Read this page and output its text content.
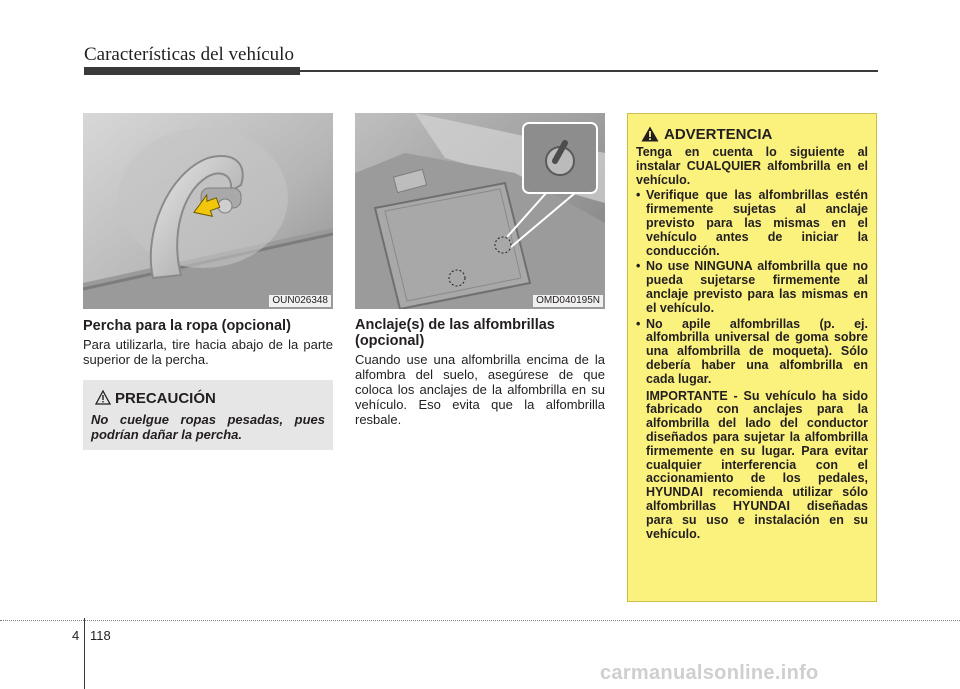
Características del vehículo
OUN026348	OMD040195N
Percha para la ropa (opcional)
Para utilizarla, tire hacia abajo de la parte superior de la percha.
PRECAUCIÓN
No cuelgue ropas pesadas, pues podrían dañar la percha.
Anclaje(s) de las alfombrillas
(opcional)
Cuando use una alfombrilla encima de la alfombra del suelo, asegúrese de que coloca los anclajes de la alfombrilla en su vehículo. Eso evita que la alfombrilla resbale.
ADVERTENCIA

Tenga en cuenta lo siguiente al instalar CUALQUIER alfombrilla en el vehículo.

• Verifique que las alfombrillas estén firmemente sujetas al anclaje previsto para las mismas en el vehículo antes de iniciar la conducción.
• No use NINGUNA alfombrilla que no pueda sujetarse firmemente al anclaje previsto para las mismas en el vehículo.
• No apile alfombrillas (p. ej. alfombrilla universal de goma sobre una alfombrilla de moqueta). Sólo debería haber una alfombrilla en cada lugar.

IMPORTANTE - Su vehículo ha sido fabricado con anclajes para la alfombrilla del lado del conductor diseñados para sujetar la alfombrilla firmemente en su lugar. Para evitar cualquier interferencia con el accionamiento de los pedales, HYUNDAI recomienda utilizar sólo alfombrillas HYUNDAI diseñadas para su uso e instalación en su vehículo.

4 118
carmanualsonline.info
